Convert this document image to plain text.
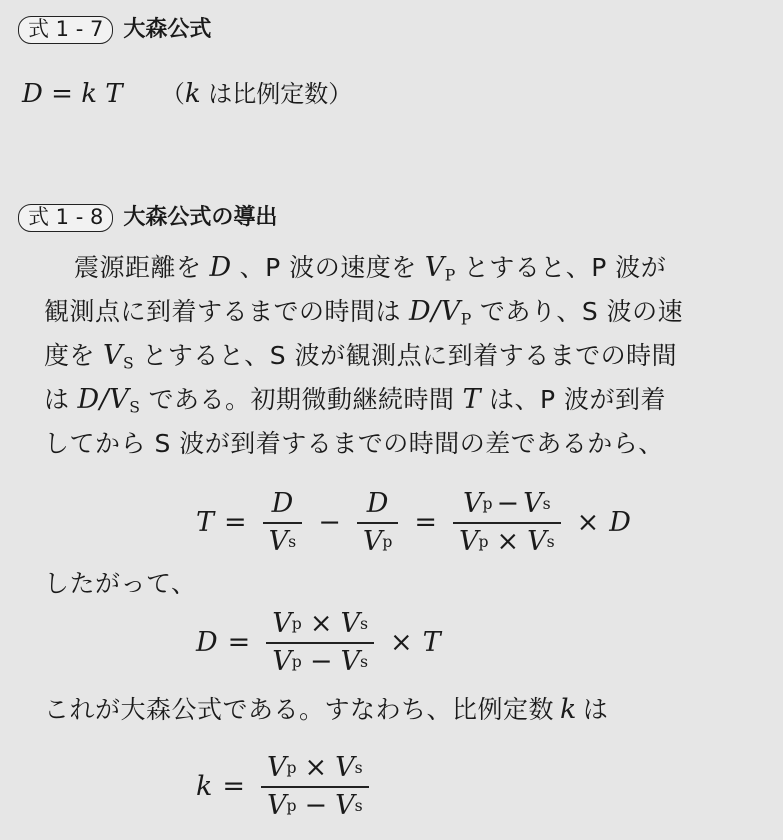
式 1 - 7 大森公式
D = k T （k は比例定数）
式 1 - 8 大森公式の導出
震源距離を D 、P 波の速度を $V_P$ とすると、P 波が
観測点に到着するまでの時間は $D/V_P$ であり、S 波の速
度を $V_S$ とすると、S 波が観測点に到着するまでの時間
は $D/V_S$ である。初期微動継続時間 T は、P 波が到着
してから S 波が到着するまでの時間の差であるから、
$T = \frac{D}{\text{V s}} - \frac{D}{\text{V p}} = \frac{\text{V p − V s}}{\text{V p × V s}} \times D$
したがって、
$D = \frac{\text{V p × V s}}{\text{V p − V s}} \times T$
これが大森公式である。すなわち、比例定数 k は
$k = \frac{\text{V p × V s}}{\text{V p − V s}}$
